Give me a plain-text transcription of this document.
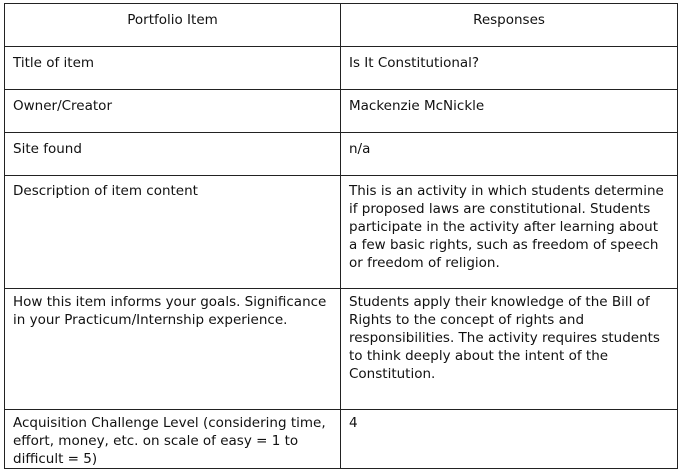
Portfolio Item	Responses

Title of item	Is It Constitutional?

Owner/Creator	Mackenzie McNickle

Site found	n/a

Description of item content	This is an activity in which students determine if proposed laws are constitutional. Students participate in the activity after learning about a few basic rights, such as freedom of speech or freedom of religion.

How this item informs your goals. Significance in your Practicum/Internship experience.	Students apply their knowledge of the Bill of Rights to the concept of rights and responsibilities. The activity requires students to think deeply about the intent of the Constitution.

Acquisition Challenge Level (considering time, effort, money, etc. on scale of easy = 1 to difficult = 5)	4
